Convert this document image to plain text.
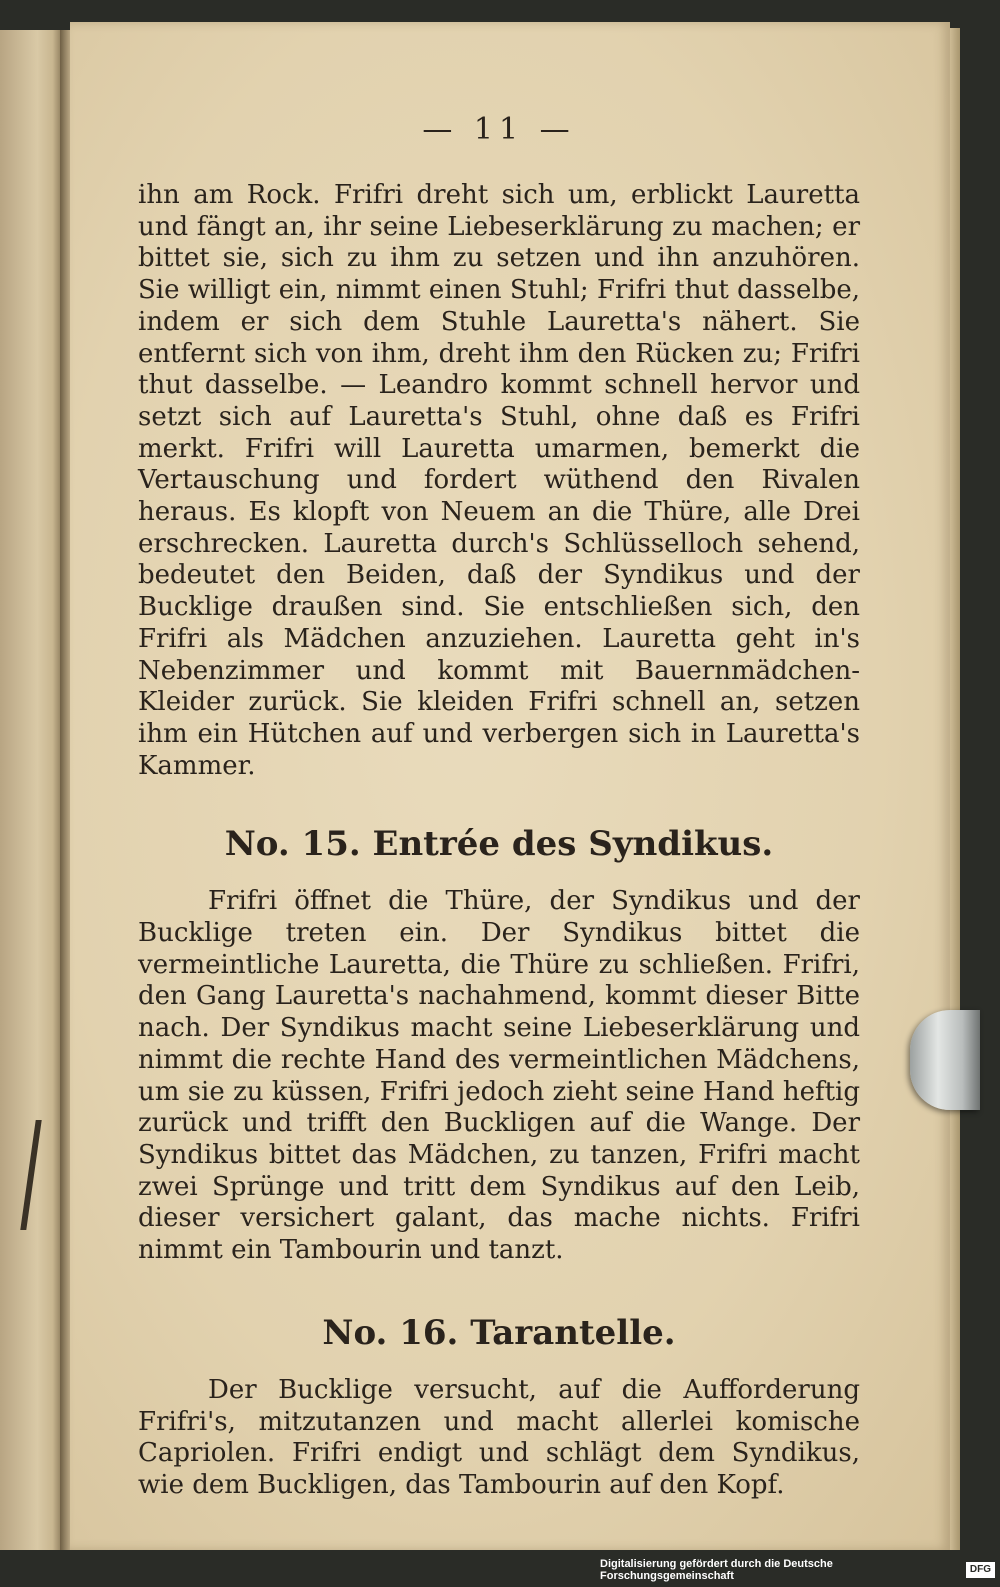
— 11 —

ihn am Rock. Frifri dreht sich um, erblickt Lauretta und fängt an, ihr seine Liebeserklärung zu machen; er bittet sie, sich zu ihm zu setzen und ihn anzuhören. Sie willigt ein, nimmt einen Stuhl; Frifri thut dasselbe, indem er sich dem Stuhle Lauretta's nähert. Sie entfernt sich von ihm, dreht ihm den Rücken zu; Frifri thut dasselbe. — Leandro kommt schnell hervor und setzt sich auf Lauretta's Stuhl, ohne daß es Frifri merkt. Frifri will Lauretta umarmen, bemerkt die Vertauschung und fordert wüthend den Rivalen heraus. Es klopft von Neuem an die Thüre, alle Drei erschrecken. Lauretta durch's Schlüsselloch sehend, bedeutet den Beiden, daß der Syndikus und der Bucklige draußen sind. Sie entschließen sich, den Frifri als Mädchen anzuziehen. Lauretta geht in's Nebenzimmer und kommt mit Bauernmädchen-Kleider zurück. Sie kleiden Frifri schnell an, setzen ihm ein Hütchen auf und verbergen sich in Lauretta's Kammer.

No. 15. Entrée des Syndikus.

Frifri öffnet die Thüre, der Syndikus und der Bucklige treten ein. Der Syndikus bittet die vermeintliche Lauretta, die Thüre zu schließen. Frifri, den Gang Lauretta's nachahmend, kommt dieser Bitte nach. Der Syndikus macht seine Liebeserklärung und nimmt die rechte Hand des vermeintlichen Mädchens, um sie zu küssen, Frifri jedoch zieht seine Hand heftig zurück und trifft den Buckligen auf die Wange. Der Syndikus bittet das Mädchen, zu tanzen, Frifri macht zwei Sprünge und tritt dem Syndikus auf den Leib, dieser versichert galant, das mache nichts. Frifri nimmt ein Tambourin und tanzt.

No. 16. Tarantelle.

Der Bucklige versucht, auf die Aufforderung Frifri's, mitzutanzen und macht allerlei komische Capriolen. Frifri endigt und schlägt dem Syndikus, wie dem Buckligen, das Tambourin auf den Kopf.

Digitalisierung gefördert durch die Deutsche Forschungsgemeinschaft
DFG
